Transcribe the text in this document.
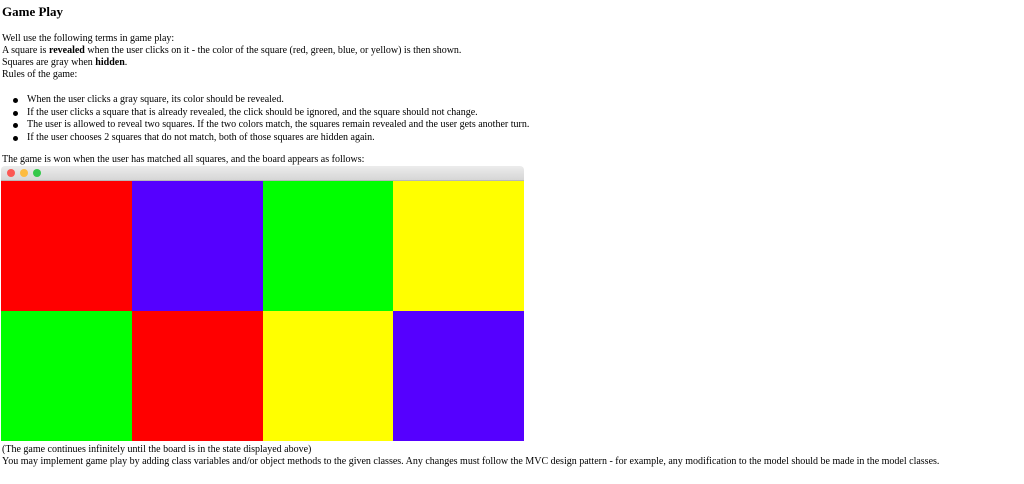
Game Play

Well use the following terms in game play:

A square is revealed when the user clicks on it - the color of the square (red, green, blue, or yellow) is then shown.

Squares are gray when hidden.

Rules of the game:

When the user clicks a gray square, its color should be revealed.
If the user clicks a square that is already revealed, the click should be ignored, and the square should not change.
The user is allowed to reveal two squares. If the two colors match, the squares remain revealed and the user gets another turn.
If the user chooses 2 squares that do not match, both of those squares are hidden again.

The game is won when the user has matched all squares, and the board appears as follows:

(The game continues infinitely until the board is in the state displayed above)

You may implement game play by adding class variables and/or object methods to the given classes. Any changes must follow the MVC design pattern - for example, any modification to the model should be made in the model classes.
